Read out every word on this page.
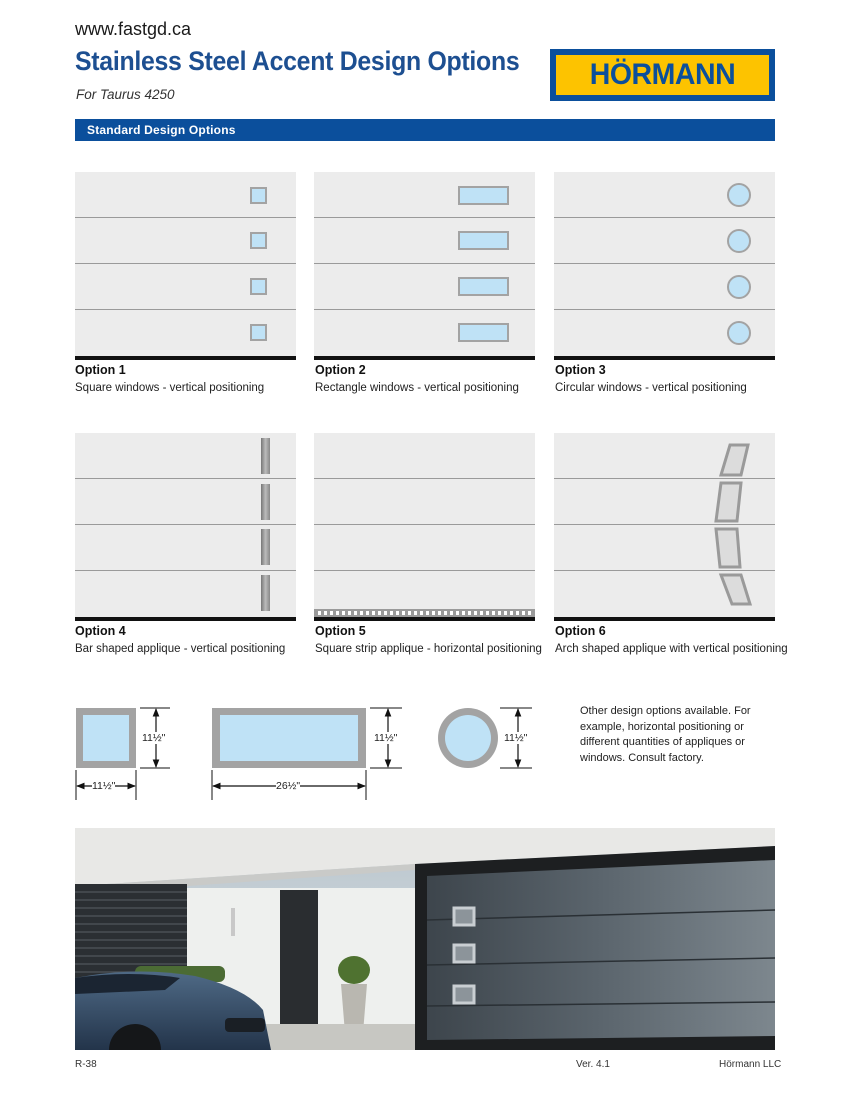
www.fastgd.ca
Stainless Steel Accent Design Options
For Taurus 4250
HÖRMANN
Standard Design Options
Option 1
Square windows - vertical positioning
Option 2
Rectangle windows - vertical positioning
Option 3
Circular windows - vertical positioning
Option 4
Bar shaped applique - vertical positioning
Option 5
Square strip applique - horizontal positioning
Option 6
Arch shaped applique with vertical positioning
11½"
11½"
11½"
26½"
11½"
Other design options available. For example, horizontal positioning or different quantities of appliques or windows. Consult factory.
R-38	Ver. 4.1	Hörmann LLC
